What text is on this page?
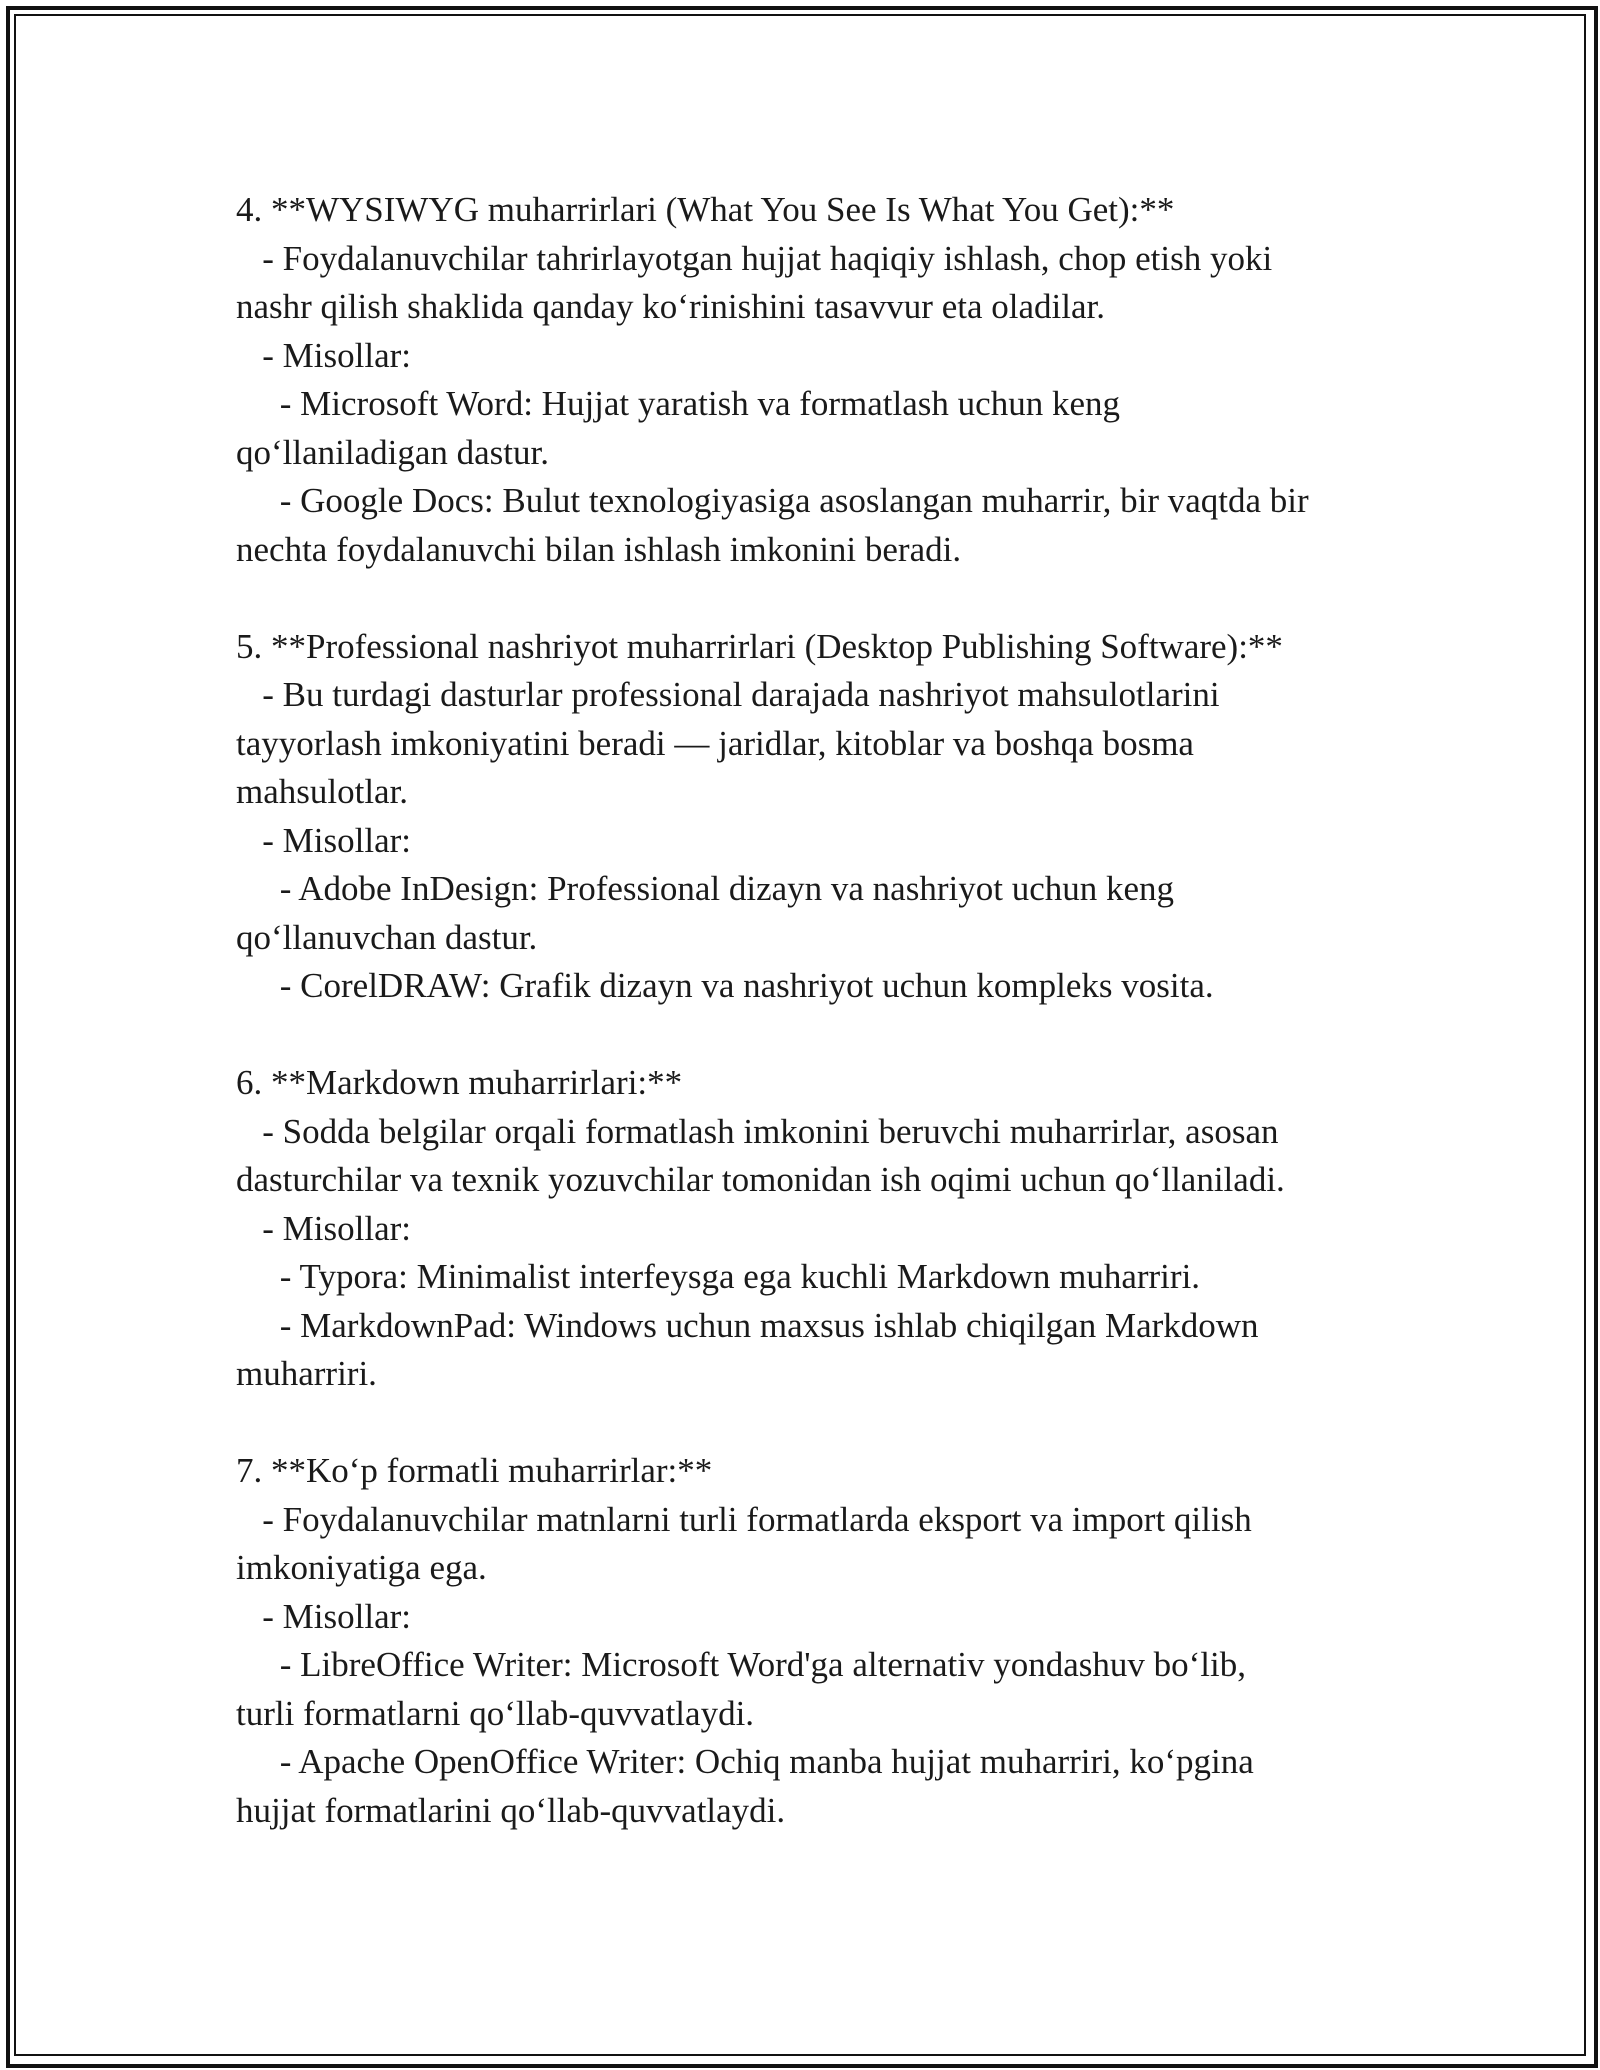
4. **WYSIWYG muharrirlari (What You See Is What You Get):**
- Foydalanuvchilar tahrirlayotgan hujjat haqiqiy ishlash, chop etish yoki
nashr qilish shaklida qanday ko‘rinishini tasavvur eta oladilar.
- Misollar:
- Microsoft Word: Hujjat yaratish va formatlash uchun keng
qo‘llaniladigan dastur.
- Google Docs: Bulut texnologiyasiga asoslangan muharrir, bir vaqtda bir
nechta foydalanuvchi bilan ishlash imkonini beradi.
5. **Professional nashriyot muharrirlari (Desktop Publishing Software):**
- Bu turdagi dasturlar professional darajada nashriyot mahsulotlarini
tayyorlash imkoniyatini beradi — jaridlar, kitoblar va boshqa bosma
mahsulotlar.
- Misollar:
- Adobe InDesign: Professional dizayn va nashriyot uchun keng
qo‘llanuvchan dastur.
- CorelDRAW: Grafik dizayn va nashriyot uchun kompleks vosita.
6. **Markdown muharrirlari:**
- Sodda belgilar orqali formatlash imkonini beruvchi muharrirlar, asosan
dasturchilar va texnik yozuvchilar tomonidan ish oqimi uchun qo‘llaniladi.
- Misollar:
- Typora: Minimalist interfeysga ega kuchli Markdown muharriri.
- MarkdownPad: Windows uchun maxsus ishlab chiqilgan Markdown
muharriri.
7. **Ko‘p formatli muharrirlar:**
- Foydalanuvchilar matnlarni turli formatlarda eksport va import qilish
imkoniyatiga ega.
- Misollar:
- LibreOffice Writer: Microsoft Word'ga alternativ yondashuv bo‘lib,
turli formatlarni qo‘llab-quvvatlaydi.
- Apache OpenOffice Writer: Ochiq manba hujjat muharriri, ko‘pgina
hujjat formatlarini qo‘llab-quvvatlaydi.
